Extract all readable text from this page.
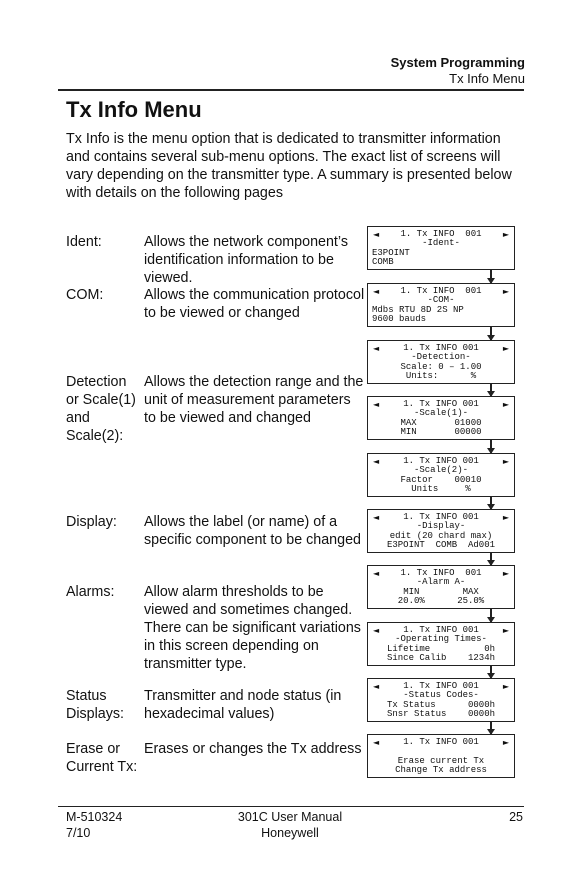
System Programming
Tx Info Menu
Tx Info Menu

Tx Info is the menu option that is dedicated to transmitter information and contains several sub-menu options. The exact list of screens will vary depending on the transmitter type. A summary is presented below with details on the following pages

Ident:	Allows the network component’s identification information to be viewed.
COM:	Allows the communication protocol to be viewed or changed
Detection or Scale(1) and Scale(2):
Allows the detection range and the unit of measurement parameters to be viewed and changed
Display: Allows the label (or name) of a specific component to be changed
Alarms: Allow alarm thresholds to be viewed and sometimes changed. There can be significant variations in this screen depending on transmitter type.
Status Displays:
Transmitter and node status (in hexadecimal values)
Erase or Current Tx:
Erases or changes the Tx address
◄	►
1. Tx INFO  001
-Ident-
E3POINT
COMB
◄	►
1. Tx INFO  001
-COM-
Mdbs RTU 8D 2S NP
9600 bauds
◄	►
1. Tx INFO 001
-Detection-
Scale: 0 – 1.00
Units:      %
◄	►
1. Tx INFO 001
-Scale(1)-
MAX       01000
MIN       00000
◄	►
1. Tx INFO 001
-Scale(2)-
Factor    00010
Units     %
◄	►
1. Tx INFO 001
-Display-
edit (20 chard max)
E3POINT  COMB  Ad001
◄	►
1. Tx INFO  001
-Alarm A-
MIN        MAX
20.0%      25.0%
◄	►
1. Tx INFO 001
-Operating Times-
Lifetime          0h
Since Calib    1234h
◄	►
1. Tx INFO 001
-Status Codes-
Tx Status      0000h
Snsr Status    0000h
◄	►
1. Tx INFO 001
Erase current Tx
Change Tx address
M-510324
7/10
301C User Manual
Honeywell
25
